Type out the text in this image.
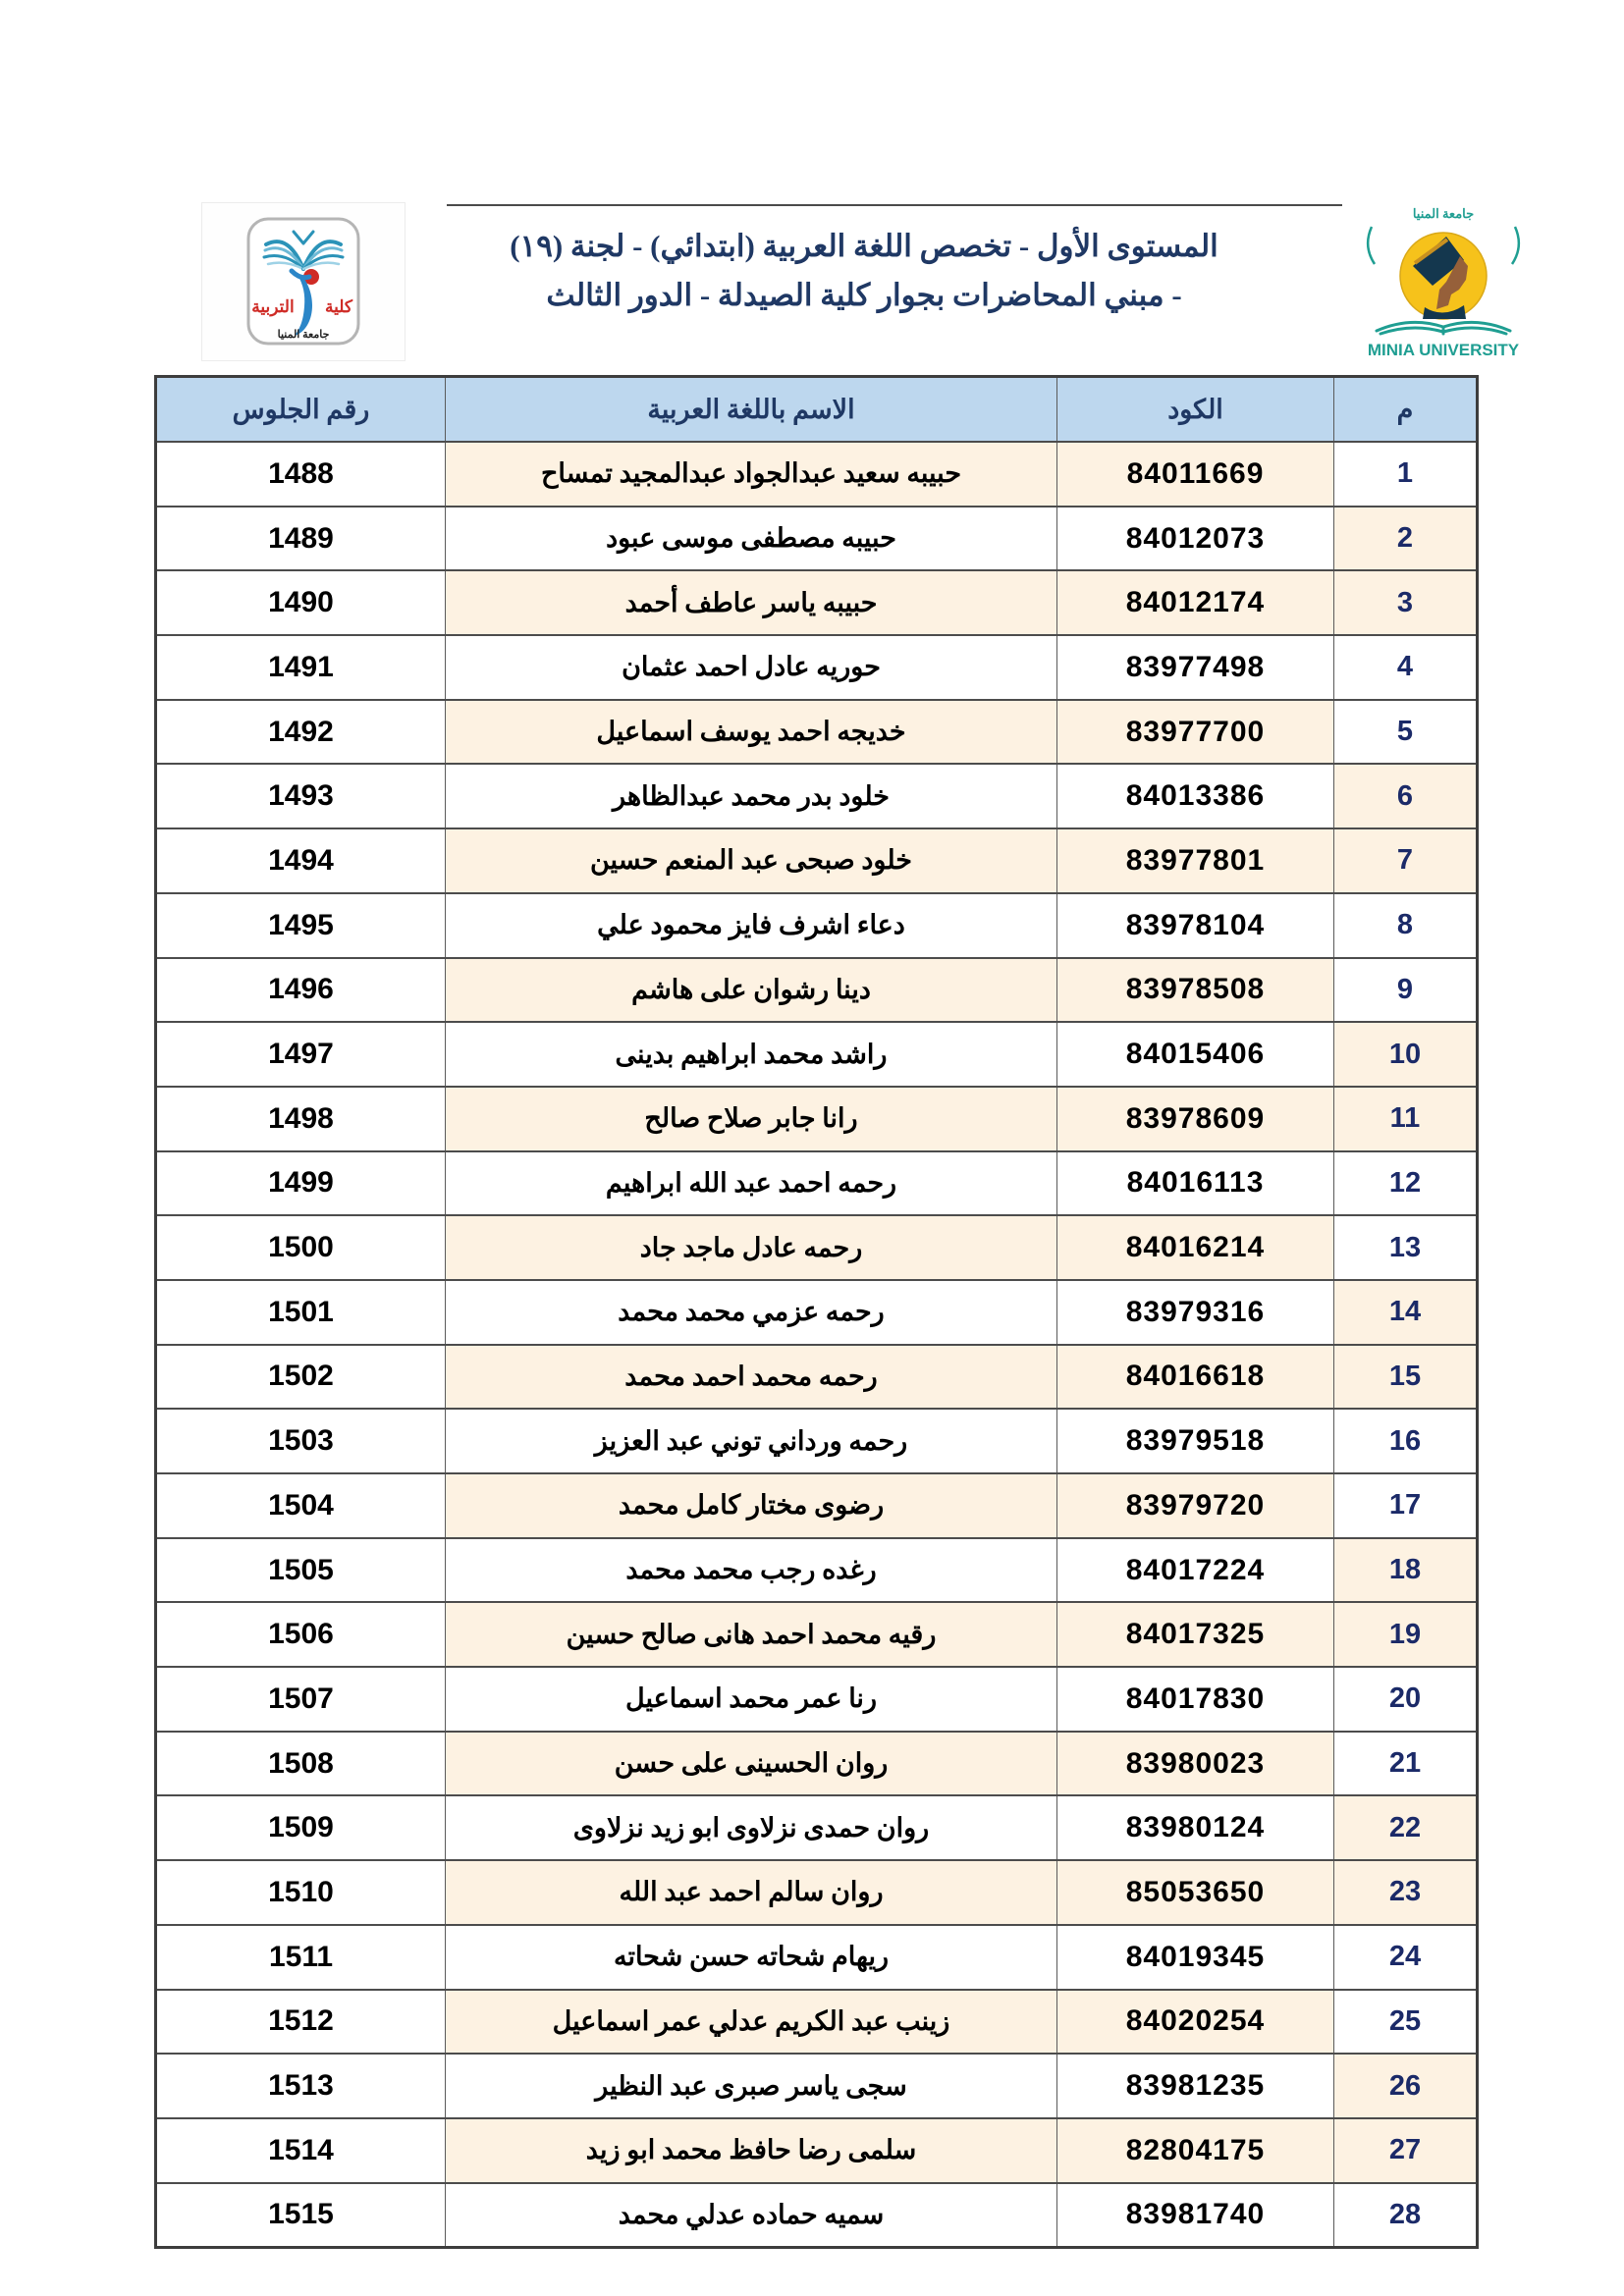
كلية
التربية
جامعة المنيا
المستوى الأول - تخصص اللغة العربية (ابتدائي) - لجنة (١٩)
- مبني المحاضرات بجوار كلية الصيدلة - الدور الثالث
جامعة المنيا
MINIA UNIVERSITY
رقم الجلوس	الاسم باللغة العربية	الكود	م
1488	حبيبه سعيد عبدالجواد عبدالمجيد تمساح	84011669	1
1489	حبيبه مصطفى موسى عبود	84012073	2
1490	حبيبه ياسر عاطف أحمد	84012174	3
1491	حوريه عادل احمد عثمان	83977498	4
1492	خديجه احمد يوسف اسماعيل	83977700	5
1493	خلود بدر محمد عبدالظاهر	84013386	6
1494	خلود صبحى عبد المنعم حسين	83977801	7
1495	دعاء اشرف فايز محمود علي	83978104	8
1496	دينا رشوان على هاشم	83978508	9
1497	راشد محمد ابراهيم بدينى	84015406	10
1498	رانا جابر صلاح صالح	83978609	11
1499	رحمه احمد عبد الله ابراهيم	84016113	12
1500	رحمه عادل ماجد جاد	84016214	13
1501	رحمه عزمي محمد محمد	83979316	14
1502	رحمه محمد احمد محمد	84016618	15
1503	رحمه ورداني توني عبد العزيز	83979518	16
1504	رضوى مختار كامل محمد	83979720	17
1505	رغده رجب محمد محمد	84017224	18
1506	رقيه محمد احمد هانى صالح حسين	84017325	19
1507	رنا عمر محمد اسماعيل	84017830	20
1508	روان الحسينى على حسن	83980023	21
1509	روان حمدى نزلاوى ابو زيد نزلاوى	83980124	22
1510	روان سالم احمد عبد الله	85053650	23
1511	ريهام شحاته حسن شحاته	84019345	24
1512	زينب عبد الكريم عدلي عمر اسماعيل	84020254	25
1513	سجى ياسر صبرى عبد النظير	83981235	26
1514	سلمى رضا حافظ محمد ابو زيد	82804175	27
1515	سميه حماده عدلي محمد	83981740	28
